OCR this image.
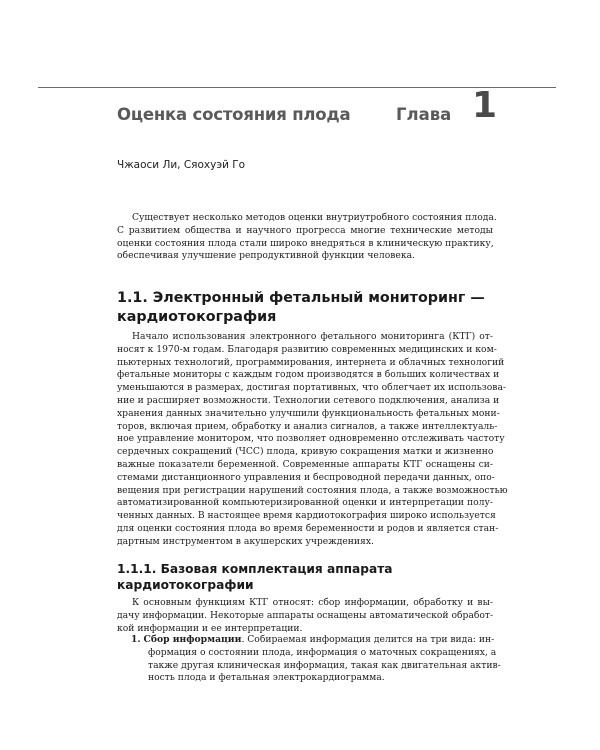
Оценка состояния плода	Глава 1
Чжаоси Ли, Сяохуэй Го
Существует несколько методов оценки внутриутробного состояния плода.
С развитием общества и научного прогресса многие технические методы
оценки состояния плода стали широко внедряться в клиническую практику,
обеспечивая улучшение репродуктивной функции человека.
1.1. Электронный фетальный мониторинг —
кардиотокография
Начало использования электронного фетального мониторинга (КТГ) от-
носят к 1970-м годам. Благодаря развитию современных медицинских и ком-
пьютерных технологий, программирования, интернета и облачных технологий
фетальные мониторы с каждым годом производятся в больших количествах и
уменьшаются в размерах, достигая портативных, что облегчает их использова-
ние и расширяет возможности. Технологии сетевого подключения, анализа и
хранения данных значительно улучшили функциональность фетальных мони-
торов, включая прием, обработку и анализ сигналов, а также интеллектуаль-
ное управление монитором, что позволяет одновременно отслеживать частоту
сердечных сокращений (ЧСС) плода, кривую сокращения матки и жизненно
важные показатели беременной. Современные аппараты КТГ оснащены си-
стемами дистанционного управления и беспроводной передачи данных, опо-
вещения при регистрации нарушений состояния плода, а также возможностью
автоматизированной компьютеризированной оценки и интерпретации полу-
ченных данных. В настоящее время кардиотокография широко используется
для оценки состояния плода во время беременности и родов и является стан-
дартным инструментом в акушерских учреждениях.
1.1.1. Базовая комплектация аппарата
кардиотокографии
К основным функциям КТГ относят: сбор информации, обработку и вы-
дачу информации. Некоторые аппараты оснащены автоматической обработ-
кой информации и ее интерпретации.
1. Сбор информации. Собираемая информация делится на три вида: ин-
формация о состоянии плода, информация о маточных сокращениях, а
также другая клиническая информация, такая как двигательная актив-
ность плода и фетальная электрокардиограмма.
